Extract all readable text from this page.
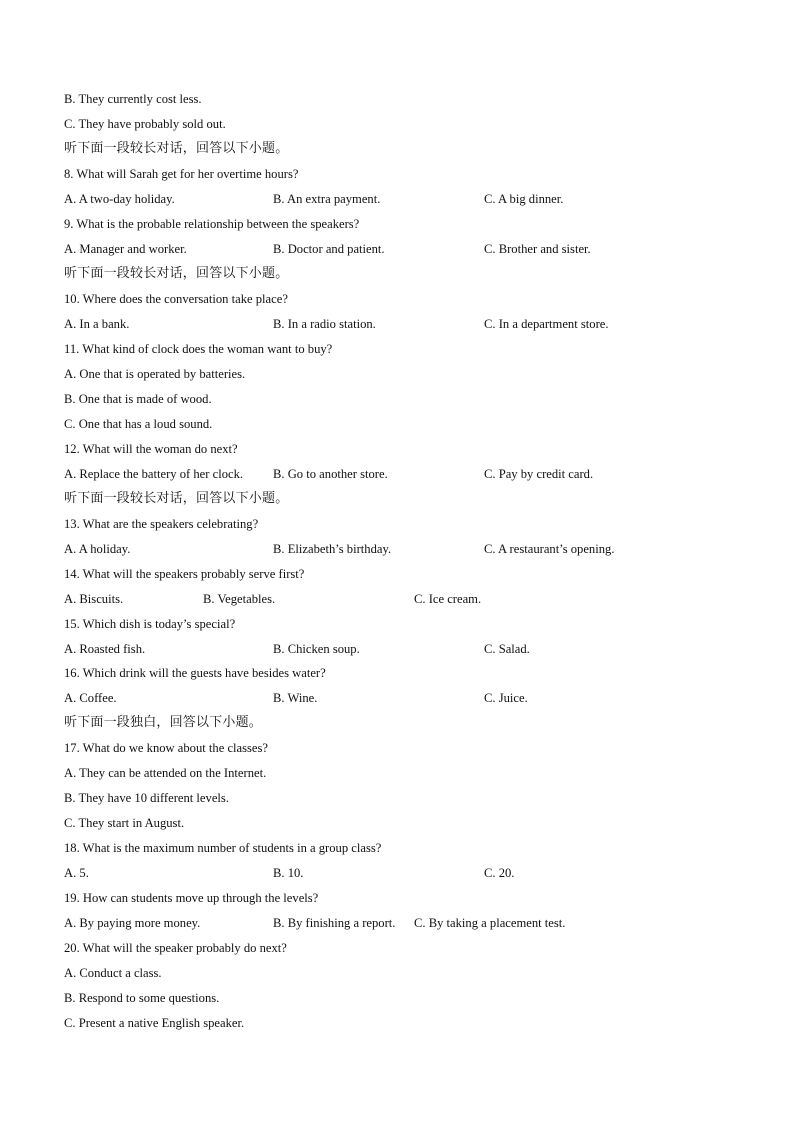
B. They currently cost less.
C. They have probably sold out.
听下面一段较长对话，回答以下小题。
8. What will Sarah get for her overtime hours?
A. A two-day holiday.	B. An extra payment.	C. A big dinner.
9. What is the probable relationship between the speakers?
A. Manager and worker.	B. Doctor and patient.	C. Brother and sister.
听下面一段较长对话，回答以下小题。
10. Where does the conversation take place?
A. In a bank.	B. In a radio station.	C. In a department store.
11. What kind of clock does the woman want to buy?
A. One that is operated by batteries.
B. One that is made of wood.
C. One that has a loud sound.
12. What will the woman do next?
A. Replace the battery of her clock. B. Go to another store.	C. Pay by credit card.
听下面一段较长对话，回答以下小题。
13. What are the speakers celebrating?
A. A holiday.	B. Elizabeth’s birthday.	C. A restaurant’s opening.
14. What will the speakers probably serve first?
A. Biscuits.	B. Vegetables.	C. Ice cream.
15. Which dish is today’s special?
A. Roasted fish.	B. Chicken soup.	C. Salad.
16. Which drink will the guests have besides water?
A. Coffee.	B. Wine.	C. Juice.
听下面一段独白，回答以下小题。
17. What do we know about the classes?
A. They can be attended on the Internet.
B. They have 10 different levels.
C. They start in August.
18. What is the maximum number of students in a group class?
A. 5.	B. 10.	C. 20.
19. How can students move up through the levels?
A. By paying more money.	B. By finishing a report. C. By taking a placement test.
20. What will the speaker probably do next?
A. Conduct a class.
B. Respond to some questions.
C. Present a native English speaker.
